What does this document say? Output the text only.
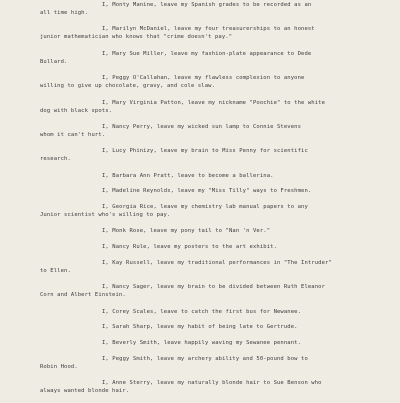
I, Monty Manine, leave my Spanish grades to be recorded as an
all time high.
I, Marilyn McDaniel, leave my four treasurerships to an honest
junior mathematician who knows that "crime doesn't pay."
I, Mary Sue Miller, leave my fashion-plate appearance to Dede
Bullard.
I, Peggy O'Callahan, leave my flawless complexion to anyone
willing to give up chocolate, gravy, and cole slaw.
I, Mary Virginia Patton, leave my nickname "Poochie" to the white
dog with black spots.
I, Nancy Perry, leave my wicked sun lamp to Connie Stevens
whom it can't hurt.
I, Lucy Phinizy, leave my brain to Miss Penny for scientific
research.
I, Barbara Ann Pratt, leave to become a ballerina.
I, Madeline Reynolds, leave my "Miss Tilly" ways to Freshmen.
I, Georgia Rice, leave my chemistry lab manual papers to any
Junior scientist who's willing to pay.
I, Monk Rose, leave my pony tail to "Nan 'n Ver."
I, Nancy Rule, leave my posters to the art exhibit.
I, Kay Russell, leave my traditional performances in "The Intruder"
to Ellen.
I, Nancy Sager, leave my brain to be divided between Ruth Eleanor
Corn and Albert Einstein.
I, Corey Scales, leave to catch the first bus for Newanee.
I, Sarah Sharp, leave my habit of being late to Gertrude.
I, Beverly Smith, leave happily waving my Sewanee pennant.
I, Peggy Smith, leave my archery ability and 50-pound bow to
Robin Hood.
I, Anne Sterry, leave my naturally blonde hair to Sue Benson who
always wanted blonde hair.
